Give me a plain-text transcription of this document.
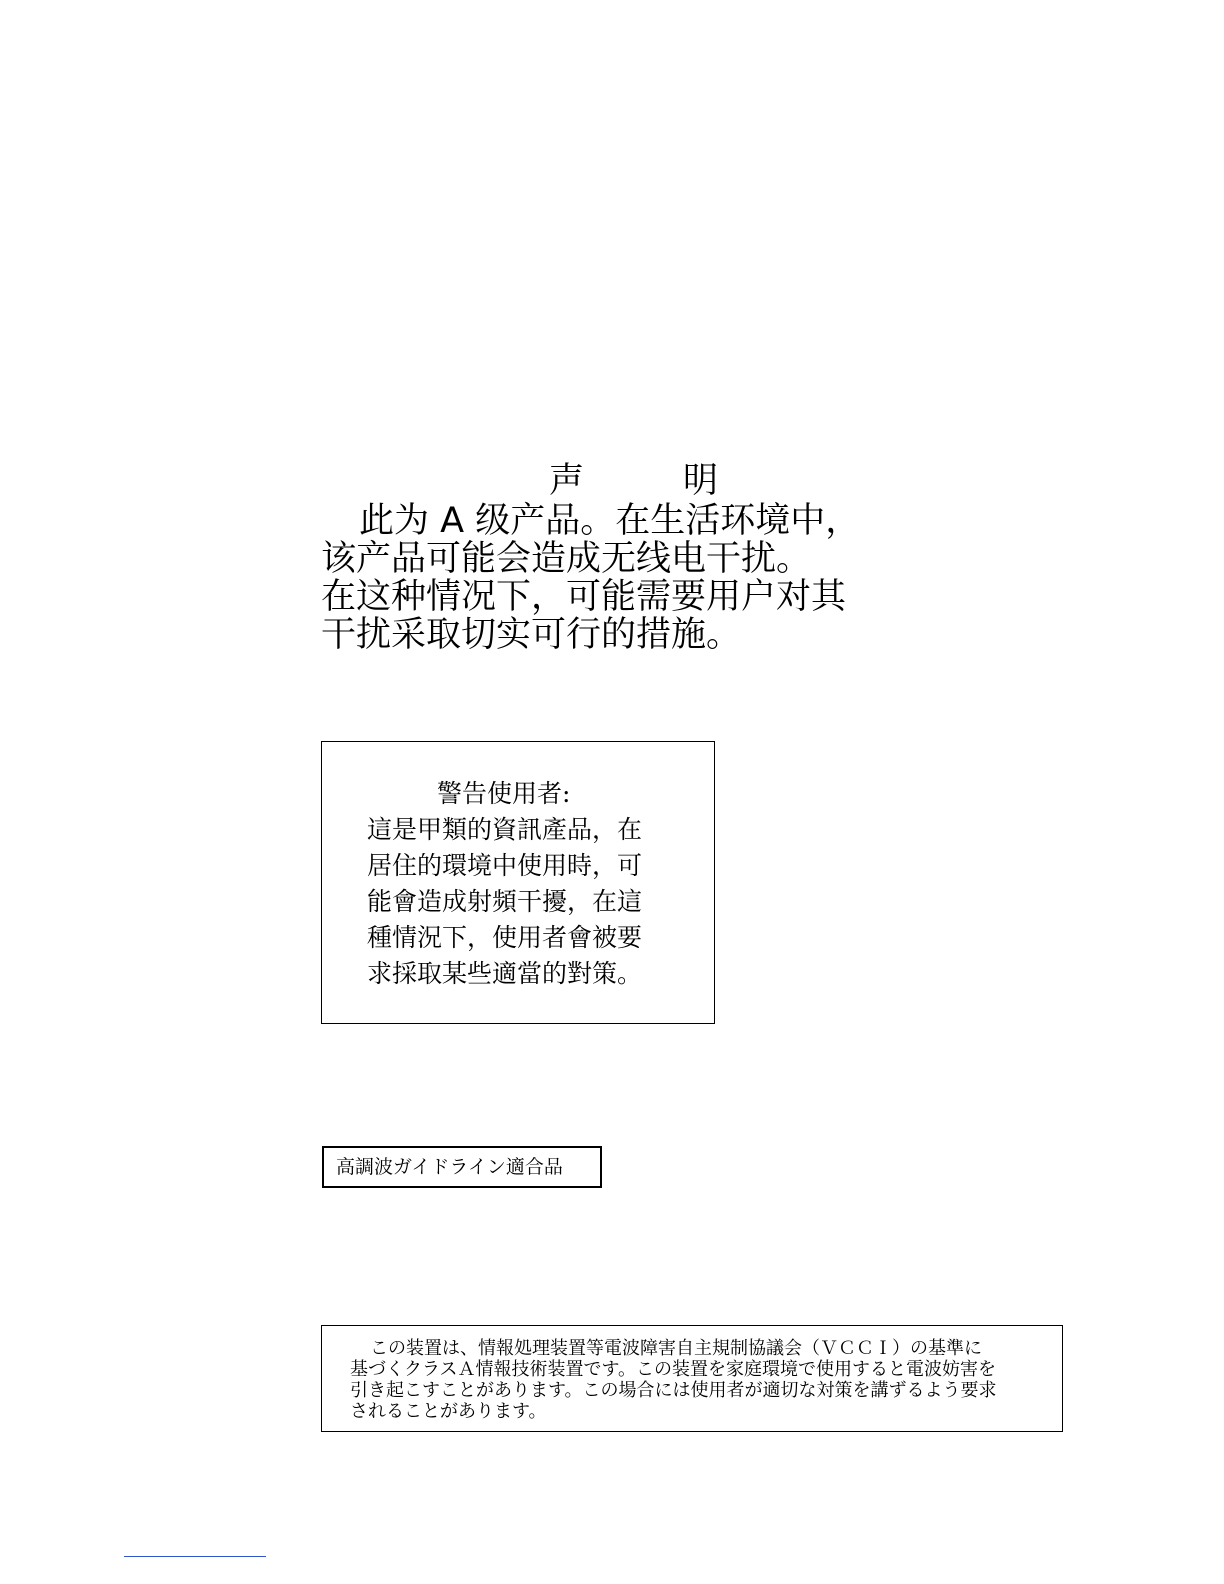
声	明
此为 A 级产品。在生活环境中，
该产品可能会造成无线电干扰。
在这种情况下，可能需要用户对其
干扰采取切实可行的措施。
警告使用者:
這是甲類的資訊產品，在
居住的環境中使用時，可
能會造成射頻干擾，在這
種情況下，使用者會被要
求採取某些適當的對策。
高調波ガイドライン適合品
この装置は、情報処理装置等電波障害自主規制協議会（ＶＣＣＩ）の基準に
基づくクラスＡ情報技術装置です。この装置を家庭環境で使用すると電波妨害を
引き起こすことがあります。この場合には使用者が適切な対策を講ずるよう要求
されることがあります。
